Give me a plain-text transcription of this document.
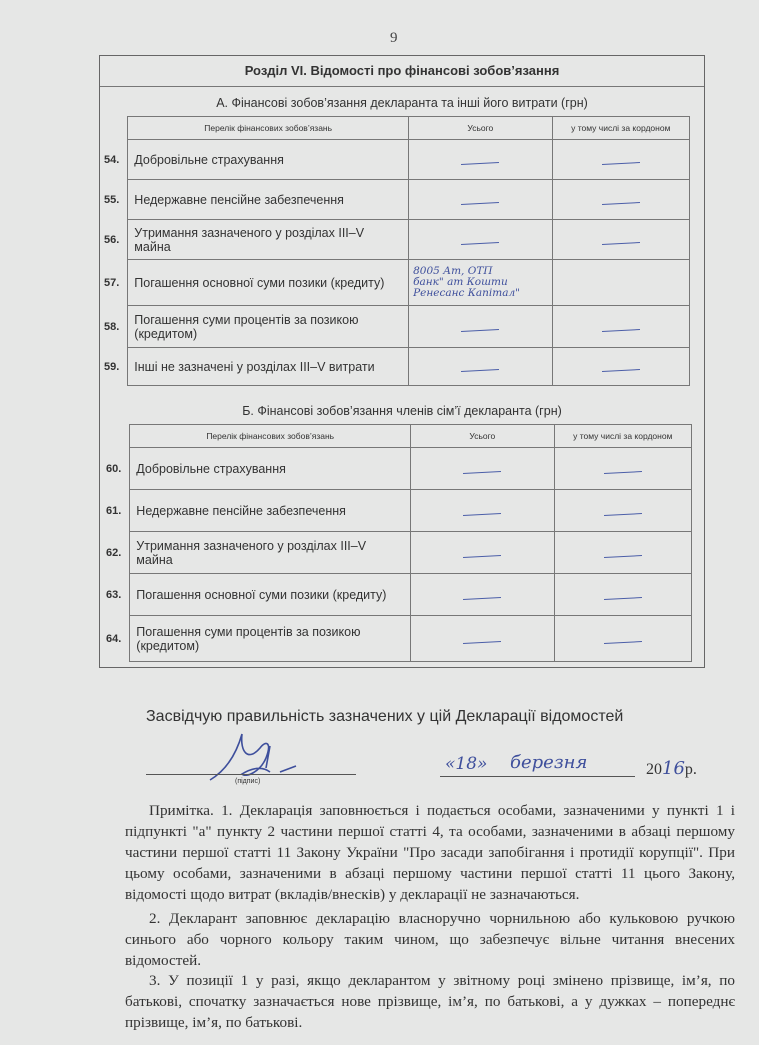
9
Розділ VІ. Відомості про фінансові зобов’язання
А. Фінансові зобов’язання декларанта та інші його витрати (грн)
	Перелік фінансових зобов’язань	Усього	у тому числі за кордоном
54.	Добровільне страхування		
55.	Недержавне пенсійне забезпечення		
56.	Утримання зазначеного у розділах III–V майна		
57.	Погашення основної суми позики (кредиту)	8005 Ат, ОТП
банк" ат Кошти
Ренесанс Капітал"	

58.	Погашення суми процентів за позикою (кредитом)		
59.	Інші не зазначені у розділах III–V витрати		
Б. Фінансові зобов’язання членів сім’ї декларанта (грн)
	Перелік фінансових зобов’язань	Усього	у тому числі за кордоном
60.	Добровільне страхування		
61.	Недержавне пенсійне забезпечення		
62.	Утримання зазначеного у розділах III–V майна		
63.	Погашення основної суми позики (кредиту)		
64.	Погашення суми процентів за позикою (кредитом)		
Засвідчую правильність зазначених у цій Декларації відомостей
(підпис)
«18» березня	2016р.
Примітка. 1. Декларація заповнюється і подається особами, зазначеними у пункті 1 і підпункті "а" пункту 2 частини першої статті 4, та особами, зазначеними в абзаці першому частини першої статті 11 Закону України "Про засади запобігання і протидії корупції". При цьому особами, зазначеними в абзаці першому частини першої статті 11 цього Закону, відомості щодо витрат (вкладів/внесків) у декларації не зазначаються.
2. Декларант заповнює декларацію власноручно чорнильною або кульковою ручкою синього або чорного кольору таким чином, що забезпечує вільне читання внесених відомостей.
3. У позиції 1 у разі, якщо декларантом у звітному році змінено прізвище, ім’я, по батькові, спочатку зазначається нове прізвище, ім’я, по батькові, а у дужках – попереднє прізвище, ім’я, по батькові.
